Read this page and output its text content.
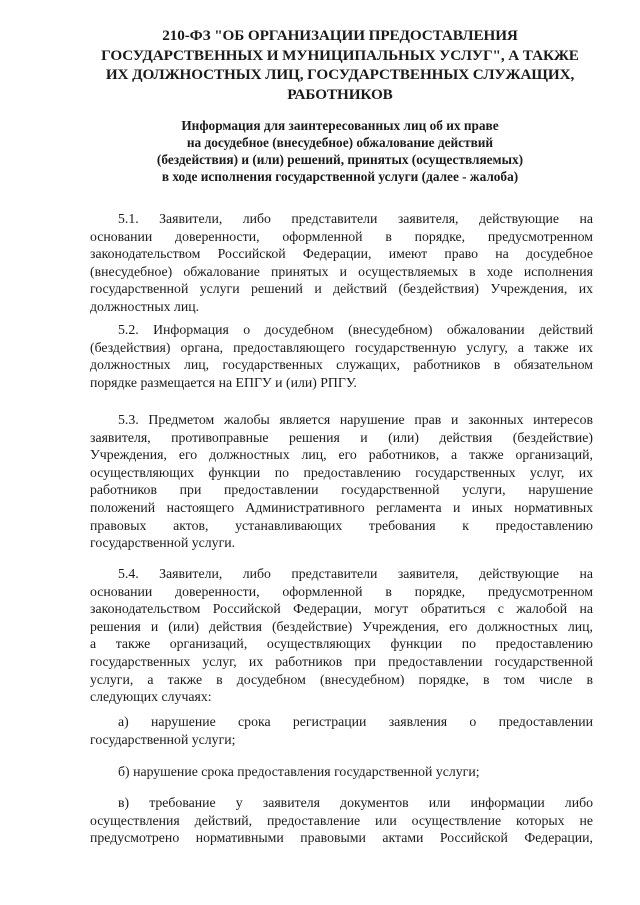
210-ФЗ "ОБ ОРГАНИЗАЦИИ ПРЕДОСТАВЛЕНИЯ
ГОСУДАРСТВЕННЫХ И МУНИЦИПАЛЬНЫХ УСЛУГ", А ТАКЖЕ
ИХ ДОЛЖНОСТНЫХ ЛИЦ, ГОСУДАРСТВЕННЫХ СЛУЖАЩИХ,
РАБОТНИКОВ
Информация для заинтересованных лиц об их праве
на досудебное (внесудебное) обжалование действий
(бездействия) и (или) решений, принятых (осуществляемых)
в ходе исполнения государственной услуги (далее - жалоба)
5.1. Заявители, либо представители заявителя, действующие на
основании доверенности, оформленной в порядке, предусмотренном
законодательством Российской Федерации, имеют право на досудебное
(внесудебное) обжалование принятых и осуществляемых в ходе исполнения
государственной услуги решений и действий (бездействия) Учреждения, их
должностных лиц.
5.2. Информация о досудебном (внесудебном) обжаловании действий
(бездействия) органа, предоставляющего государственную услугу, а также их
должностных лиц, государственных служащих, работников в обязательном
порядке размещается на ЕПГУ и (или) РПГУ.
5.3. Предметом жалобы является нарушение прав и законных интересов
заявителя, противоправные решения и (или) действия (бездействие)
Учреждения, его должностных лиц, его работников, а также организаций,
осуществляющих функции по предоставлению государственных услуг, их
работников при предоставлении государственной услуги, нарушение
положений настоящего Административного регламента и иных нормативных
правовых актов, устанавливающих требования к предоставлению
государственной услуги.
5.4. Заявители, либо представители заявителя, действующие на
основании доверенности, оформленной в порядке, предусмотренном
законодательством Российской Федерации, могут обратиться с жалобой на
решения и (или) действия (бездействие) Учреждения, его должностных лиц,
а также организаций, осуществляющих функции по предоставлению
государственных услуг, их работников при предоставлении государственной
услуги, а также в досудебном (внесудебном) порядке, в том числе в
следующих случаях:
а) нарушение срока регистрации заявления о предоставлении
государственной услуги;
б) нарушение срока предоставления государственной услуги;
в) требование у заявителя документов или информации либо
осуществления действий, предоставление или осуществление которых не
предусмотрено нормативными правовыми актами Российской Федерации,
